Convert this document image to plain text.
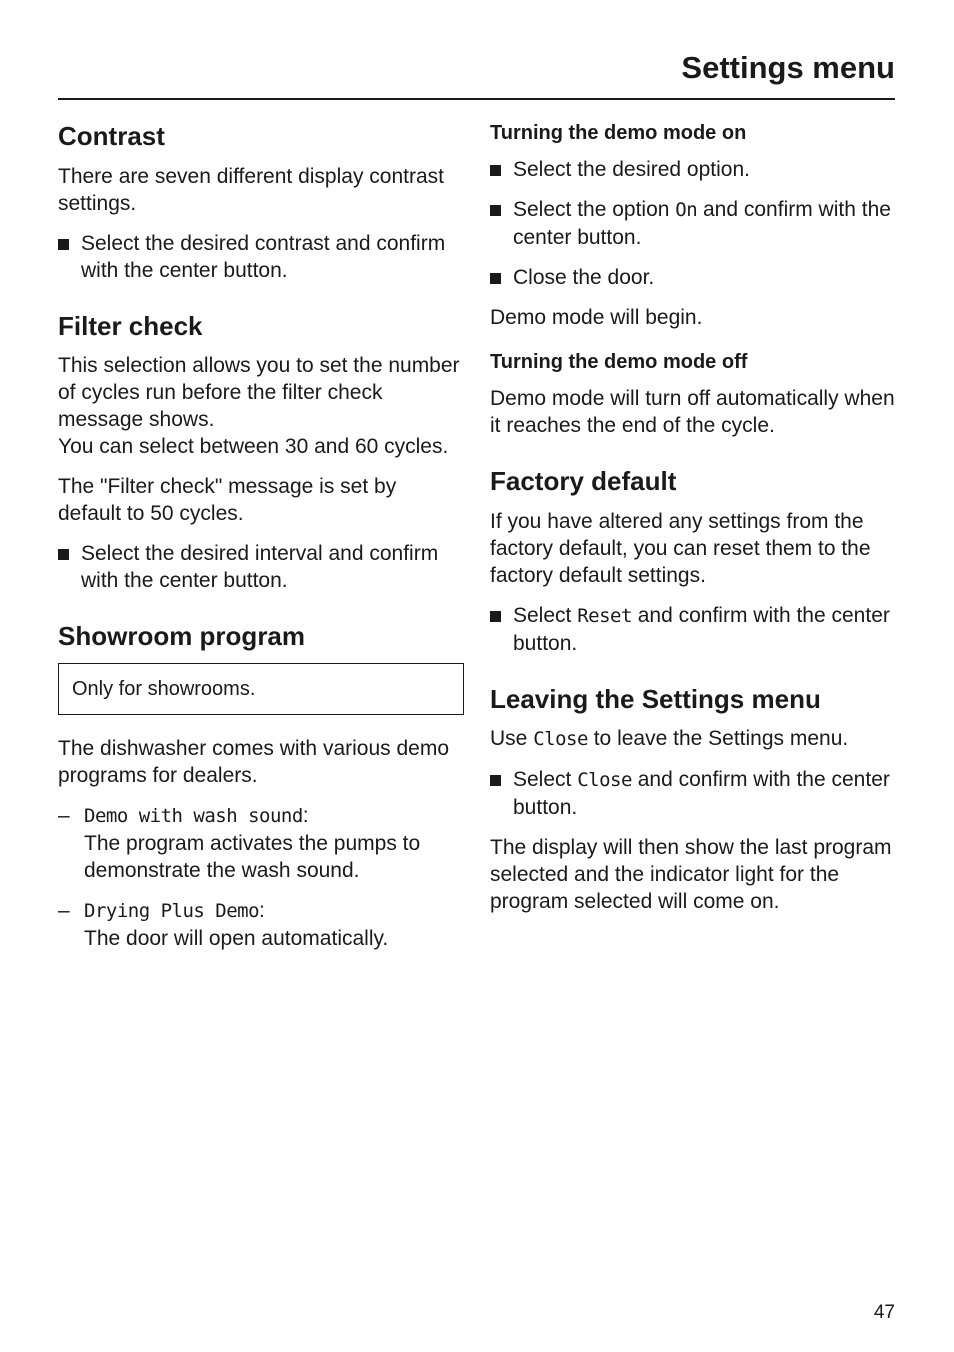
Settings menu
Contrast

There are seven different display contrast settings.

Select the desired contrast and confirm with the center button.
Filter check

This selection allows you to set the number of cycles run before the filter check message shows.

You can select between 30 and 60 cycles.

The "Filter check" message is set by default to 50 cycles.

Select the desired interval and confirm with the center button.
Showroom program
Only for showrooms.

The dishwasher comes with various demo programs for dealers.

– Demo with wash sound:
The program activates the pumps to demonstrate the wash sound.
– Drying Plus Demo:
The door will open automatically.
Turning the demo mode on
Select the desired option.
Select the option On and confirm with the center button.
Close the door.

Demo mode will begin.

Turning the demo mode off

Demo mode will turn off automatically when it reaches the end of the cycle.

Factory default

If you have altered any settings from the factory default, you can reset them to the factory default settings.

Select Reset and confirm with the center button.
Leaving the Settings menu

Use Close to leave the Settings menu.

Select Close and confirm with the center button.

The display will then show the last program selected and the indicator light for the program selected will come on.

47
